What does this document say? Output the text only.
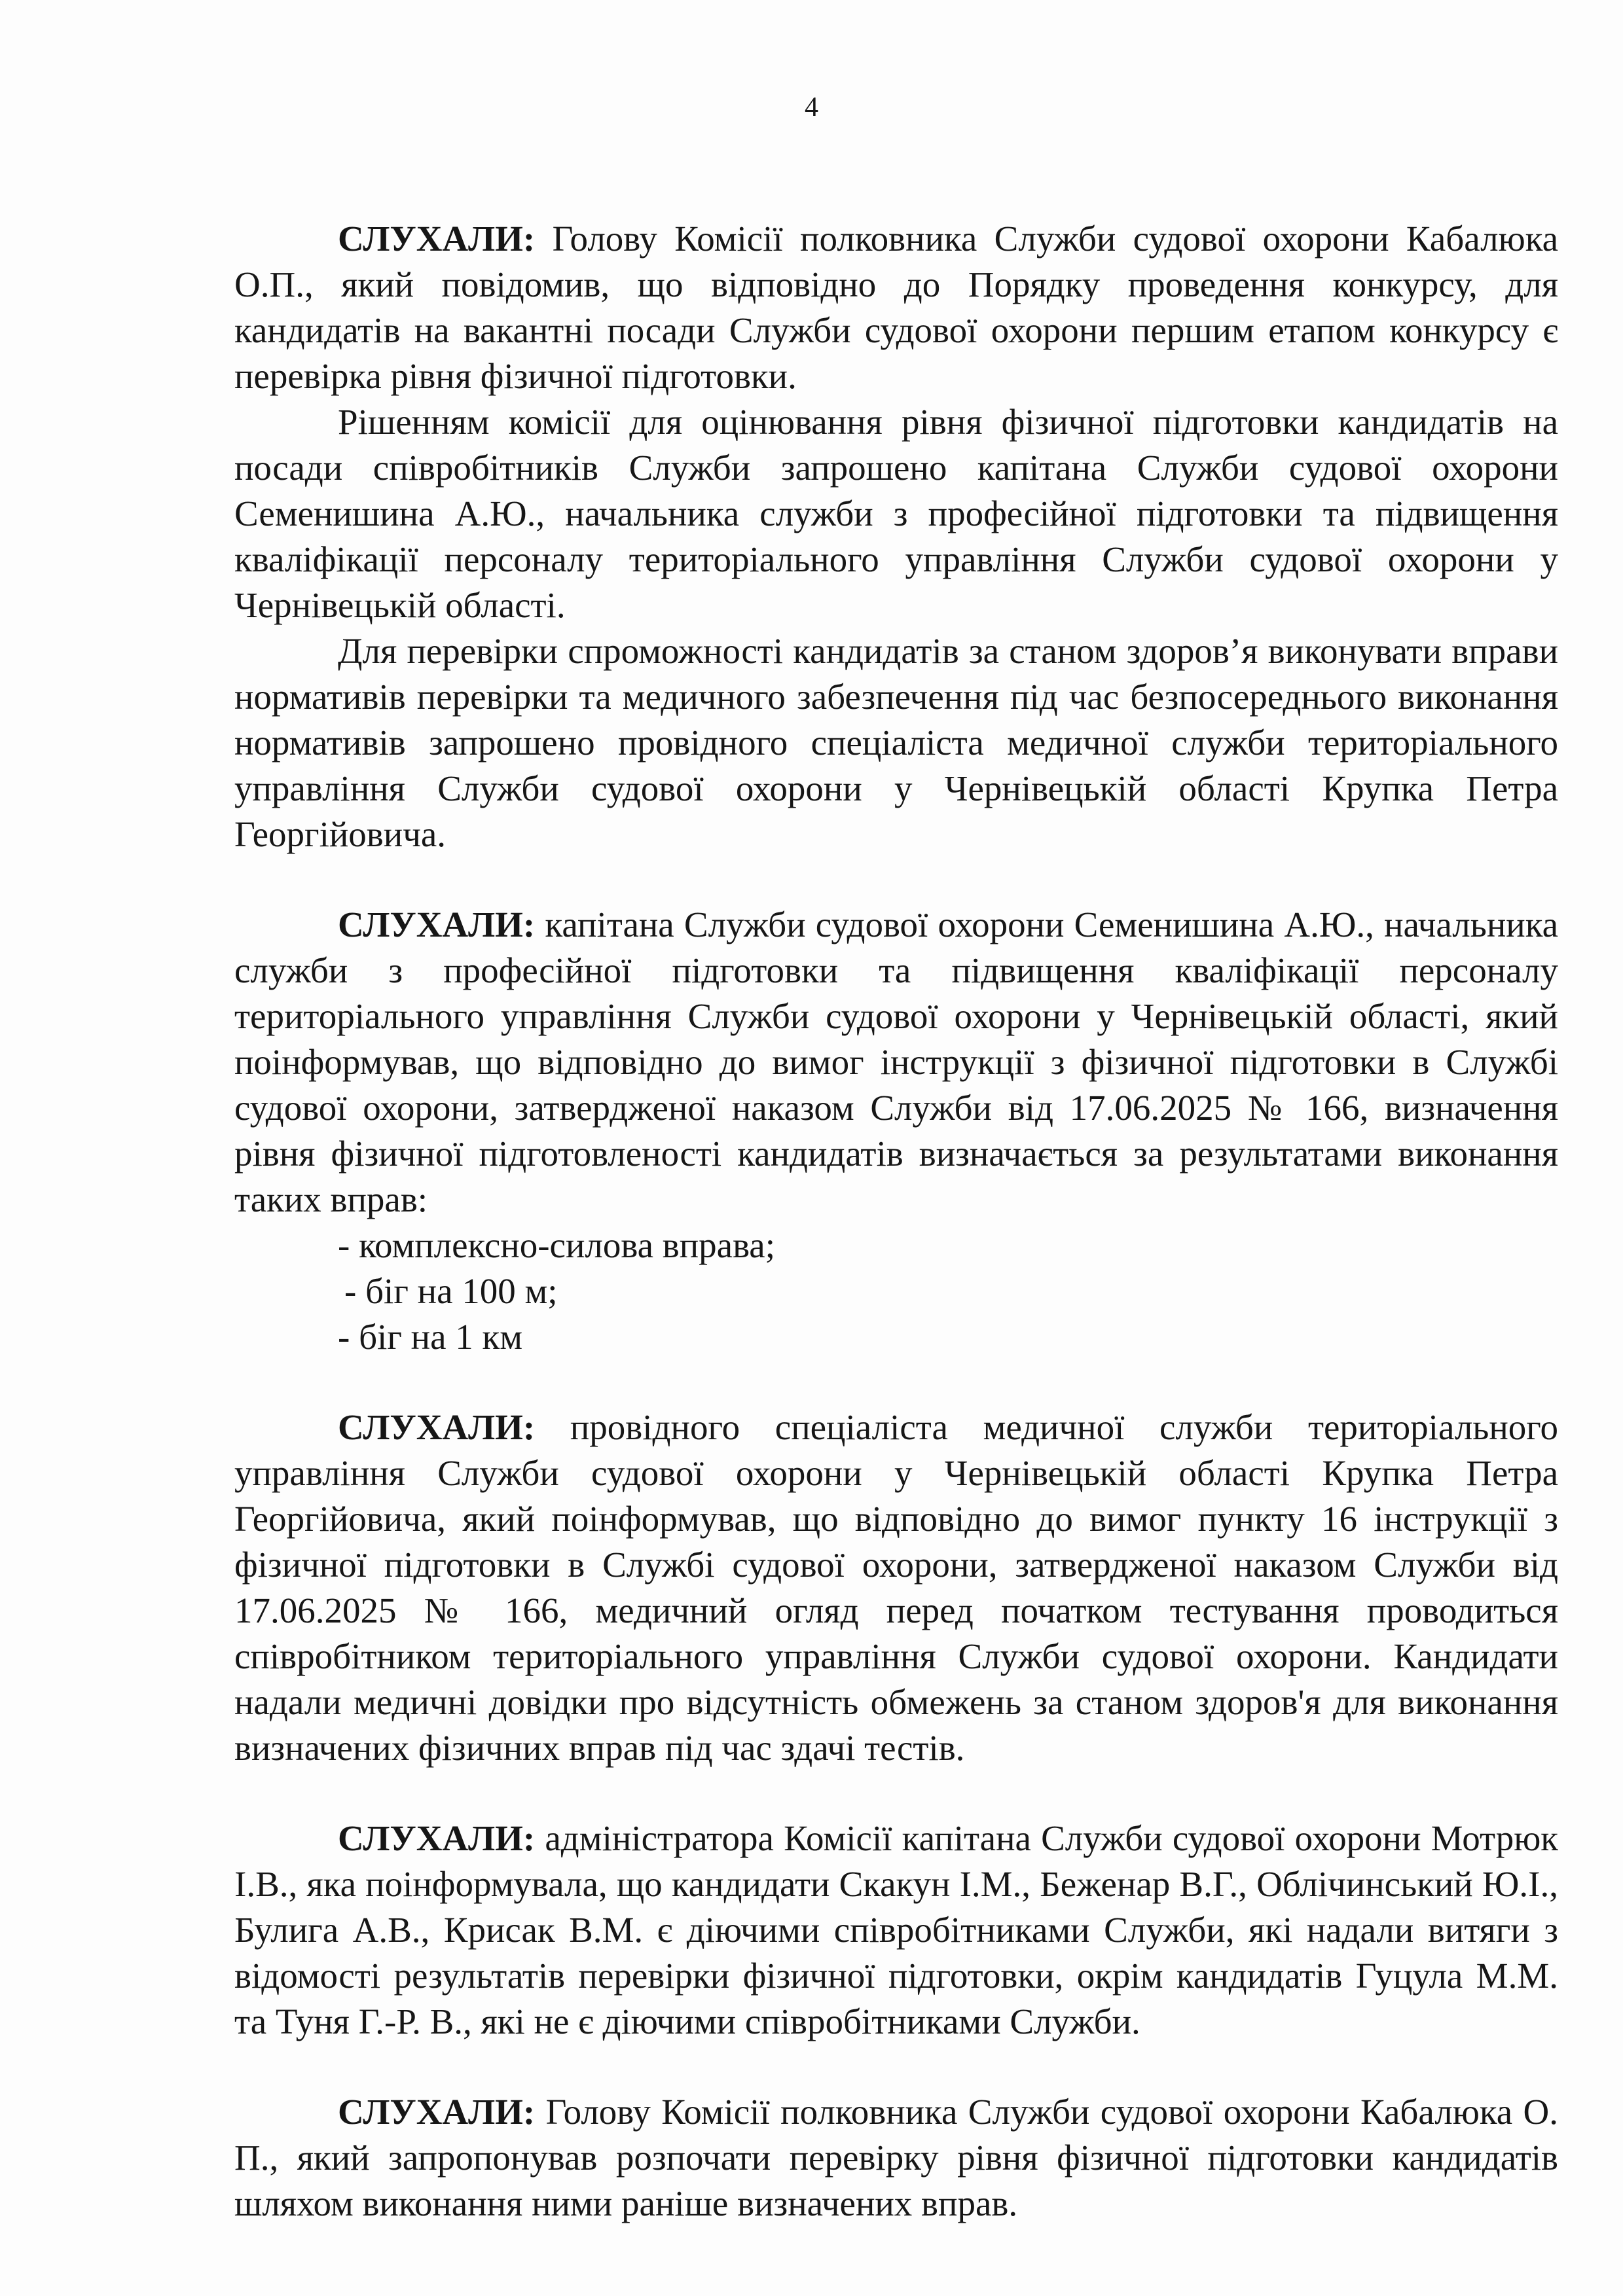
4

СЛУХАЛИ: Голову Комісії полковника Служби судової охорони Кабалюка О.П., який повідомив, що відповідно до Порядку проведення конкурсу, для кандидатів на вакантні посади Служби судової охорони першим етапом конкурсу є перевірка рівня фізичної підготовки.

Рішенням комісії для оцінювання рівня фізичної підготовки кандидатів на посади співробітників Служби запрошено капітана Служби судової охорони Семенишина А.Ю., начальника служби з професійної підготовки та підвищення кваліфікації персоналу територіального управління Служби судової охорони у Чернівецькій області.

Для перевірки спроможності кандидатів за станом здоров’я виконувати вправи нормативів перевірки та медичного забезпечення під час безпосереднього виконання нормативів запрошено провідного спеціаліста медичної служби територіального управління Служби судової охорони у Чернівецькій області Крупка Петра Георгійовича.

СЛУХАЛИ: капітана Служби судової охорони Семенишина А.Ю., начальника служби з професійної підготовки та підвищення кваліфікації персоналу територіального управління Служби судової охорони у Чернівецькій області, який поінформував, що відповідно до вимог інструкції з фізичної підготовки в Службі судової охорони, затвердженої наказом Служби від 17.06.2025 № 166, визначення рівня фізичної підготовленості кандидатів визначається за результатами виконання таких вправ:

- комплексно-силова вправа;
- біг на 100 м;
- біг на 1 км

СЛУХАЛИ: провідного спеціаліста медичної служби територіального управління Служби судової охорони у Чернівецькій області Крупка Петра Георгійовича, який поінформував, що відповідно до вимог пункту 16 інструкції з фізичної підготовки в Службі судової охорони, затвердженої наказом Служби від 17.06.2025 № 166, медичний огляд перед початком тестування проводиться співробітником територіального управління Служби судової охорони. Кандидати надали медичні довідки про відсутність обмежень за станом здоров'я для виконання визначених фізичних вправ під час здачі тестів.

СЛУХАЛИ: адміністратора Комісії капітана Служби судової охорони Мотрюк І.В., яка поінформувала, що кандидати Скакун І.М., Беженар В.Г., Облічинський Ю.І., Булига А.В., Крисак В.М. є діючими співробітниками Служби, які надали витяги з відомості результатів перевірки фізичної підготовки, окрім кандидатів Гуцула М.М. та Туня Г.-Р. В., які не є діючими співробітниками Служби.

СЛУХАЛИ: Голову Комісії полковника Служби судової охорони Кабалюка О. П., який запропонував розпочати перевірку рівня фізичної підготовки кандидатів шляхом виконання ними раніше визначених вправ.
